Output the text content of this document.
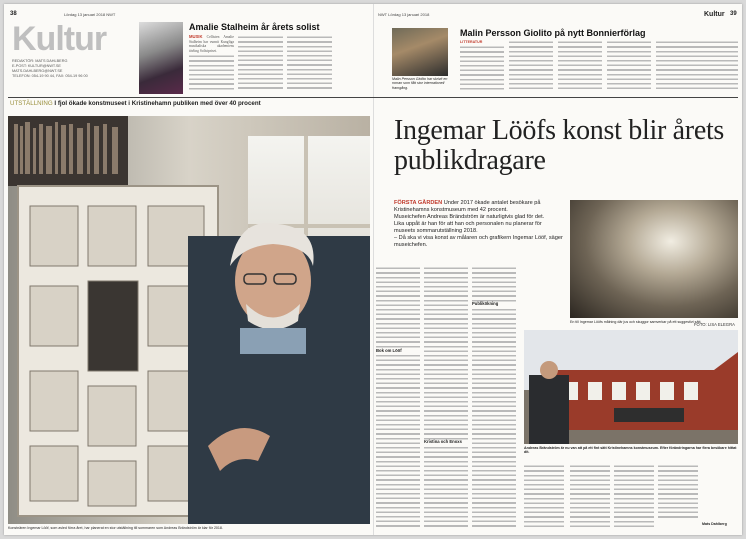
38	Lördag 13 januari 2018 NWT
Kultur
REDAKTÖR: MATS DAHLBERG
E-POST: KULTUR@NWT.SE
MATS.DAHLBERG@NWT.SE
TELEFON: 054-19 90 44, FAX: 054-19 96 00
Amalie Stalheim år årets solist
MUSIK Cellisten Amalie Stalheim har vunnit Kungliga musikaliska akademiens tävling Solistpriset.
NWT Lördag 13 januari 2018	Kultur 39
Malin Persson Giolito har skrivit en roman som fått stor internationell framgång.
Malin Persson Giolito på nytt Bonnierförlag
LITTERATUR
UTSTÄLLNING I fjol ökade konstmuseet i Kristinehamn publiken med över 40 procent
Konstnären Ingemar Lööf, som avled förra året, har planerat en stor utställning till sommaren som Andreas Brändström är klar för 2018.
Ingemar Lööfs konst blir årets publikdragare

FÖRSTA GÅRDEN Under 2017 ökade antalet besökare på Kristinehamns konstmuseum med 42 procent.

Museichefen Andreas Brändström är naturligtvis glad för det.

Lika uppåt är han för att han och personalen nu planerar för museets sommarutställning 2018.

– Då ska vi visa konst av målaren och grafikern Ingemar Lööf, säger museichefen.

Bok om Lööf
Kristina och Enoxs
Publikökning
En till Ingemar Lööfs målning där jus och skuggor samverkar på ett suggestivt sätt.
Andreas Brändström är nu van att på ett fint sätt Kristinehamns konstmuseum. Efter förändringarna har flera besökare hittat dit.
FOTO: LISA ELEGRA
Mats Dahlberg
